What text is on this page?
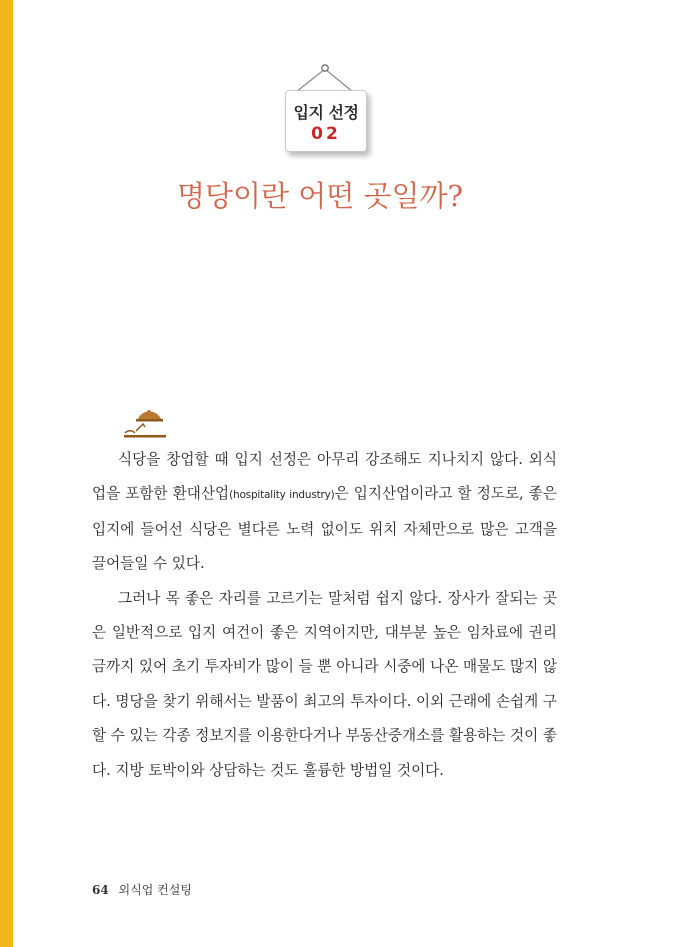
입지 선정
02
명당이란 어떤 곳일까?

식당을 창업할 때 입지 선정은 아무리 강조해도 지나치지 않다. 외식업을 포함한 환대산업(hospitality industry)은 입지산업이라고 할 정도로, 좋은 입지에 들어선 식당은 별다른 노력 없이도 위치 자체만으로 많은 고객을 끌어들일 수 있다.

그러나 목 좋은 자리를 고르기는 말처럼 쉽지 않다. 장사가 잘되는 곳은 일반적으로 입지 여건이 좋은 지역이지만, 대부분 높은 임차료에 권리금까지 있어 초기 투자비가 많이 들 뿐 아니라 시중에 나온 매물도 많지 않다. 명당을 찾기 위해서는 발품이 최고의 투자이다. 이외 근래에 손쉽게 구할 수 있는 각종 정보지를 이용한다거나 부동산중개소를 활용하는 것이 좋다. 지방 토박이와 상담하는 것도 훌륭한 방법일 것이다.

64 외식업 컨설팅
